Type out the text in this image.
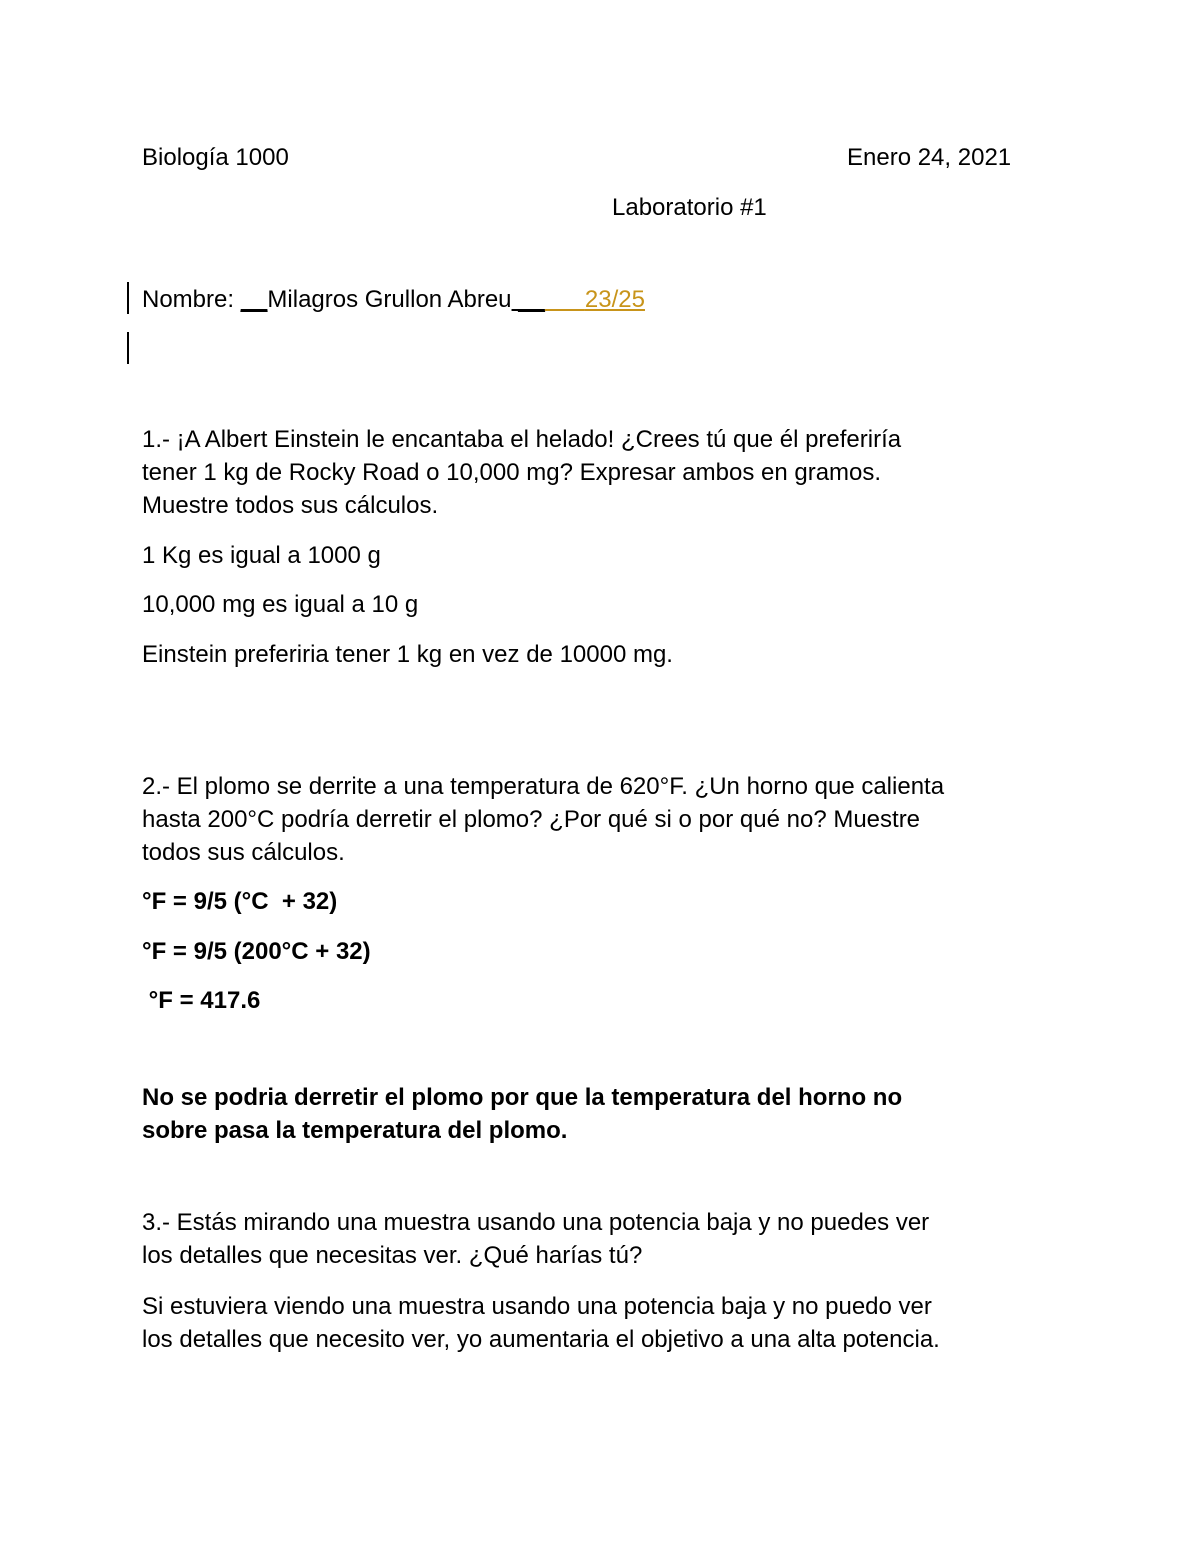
Biología 1000	Enero 24, 2021
Laboratorio #1
Nombre: __Milagros Grullon Abreu __ 23/25
1.- ¡A Albert Einstein le encantaba el helado! ¿Crees tú que él preferiría
tener 1 kg de Rocky Road o 10,000 mg? Expresar ambos en gramos.
Muestre todos sus cálculos.
1 Kg es igual a 1000 g
10,000 mg es igual a 10 g
Einstein preferiria tener 1 kg en vez de 10000 mg.
2.- El plomo se derrite a una temperatura de 620°F. ¿Un horno que calienta
hasta 200°C podría derretir el plomo? ¿Por qué si o por qué no? Muestre
todos sus cálculos.
°F = 9/5 (°C  + 32)
°F = 9/5 (200°C + 32)
°F = 417.6
No se podria derretir el plomo por que la temperatura del horno no
sobre pasa la temperatura del plomo.
3.- Estás mirando una muestra usando una potencia baja y no puedes ver
los detalles que necesitas ver. ¿Qué harías tú?
Si estuviera viendo una muestra usando una potencia baja y no puedo ver
los detalles que necesito ver, yo aumentaria el objetivo a una alta potencia.
